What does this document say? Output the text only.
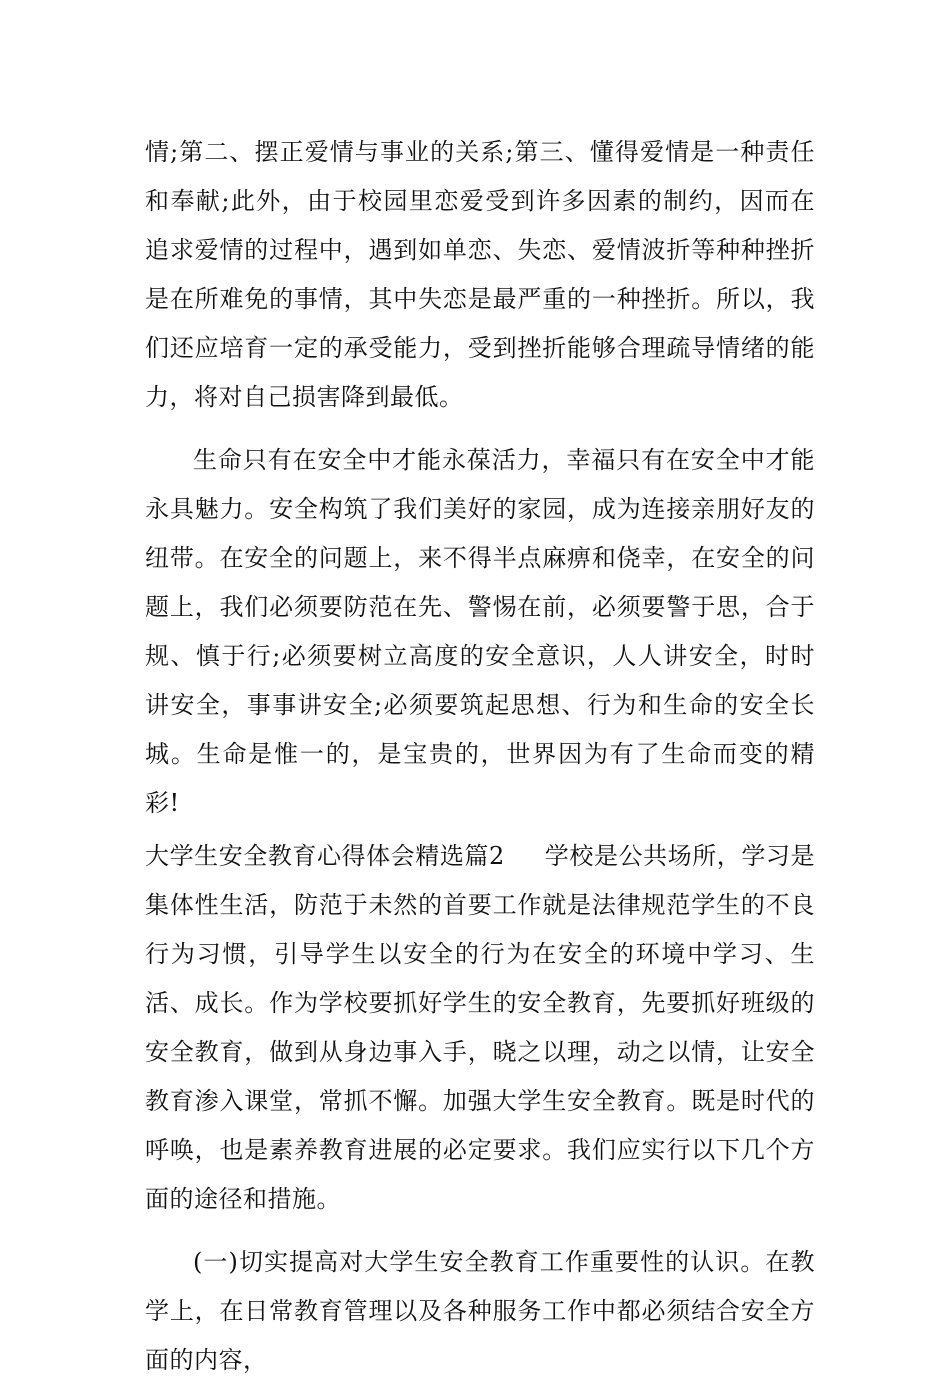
情;第二、摆正爱情与事业的关系;第三、懂得爱情是一种责任和奉献;此外，由于校园里恋爱受到许多因素的制约，因而在追求爱情的过程中，遇到如单恋、失恋、爱情波折等种种挫折是在所难免的事情，其中失恋是最严重的一种挫折。所以，我们还应培育一定的承受能力，受到挫折能够合理疏导情绪的能力，将对自己损害降到最低。

生命只有在安全中才能永葆活力，幸福只有在安全中才能永具魅力。安全构筑了我们美好的家园，成为连接亲朋好友的纽带。在安全的问题上，来不得半点麻痹和侥幸，在安全的问题上，我们必须要防范在先、警惕在前，必须要警于思，合于规、慎于行;必须要树立高度的安全意识，人人讲安全，时时讲安全，事事讲安全;必须要筑起思想、行为和生命的安全长城。生命是惟一的，是宝贵的，世界因为有了生命而变的精彩!

大学生安全教育心得体会精选篇2 学校是公共场所，学习是集体性生活，防范于未然的首要工作就是法律规范学生的不良行为习惯，引导学生以安全的行为在安全的环境中学习、生活、成长。作为学校要抓好学生的安全教育，先要抓好班级的安全教育，做到从身边事入手，晓之以理，动之以情，让安全教育渗入课堂，常抓不懈。加强大学生安全教育。既是时代的呼唤，也是素养教育进展的必定要求。我们应实行以下几个方面的途径和措施。

(一)切实提高对大学生安全教育工作重要性的认识。在教学上，在日常教育管理以及各种服务工作中都必须结合安全方面的内容，
